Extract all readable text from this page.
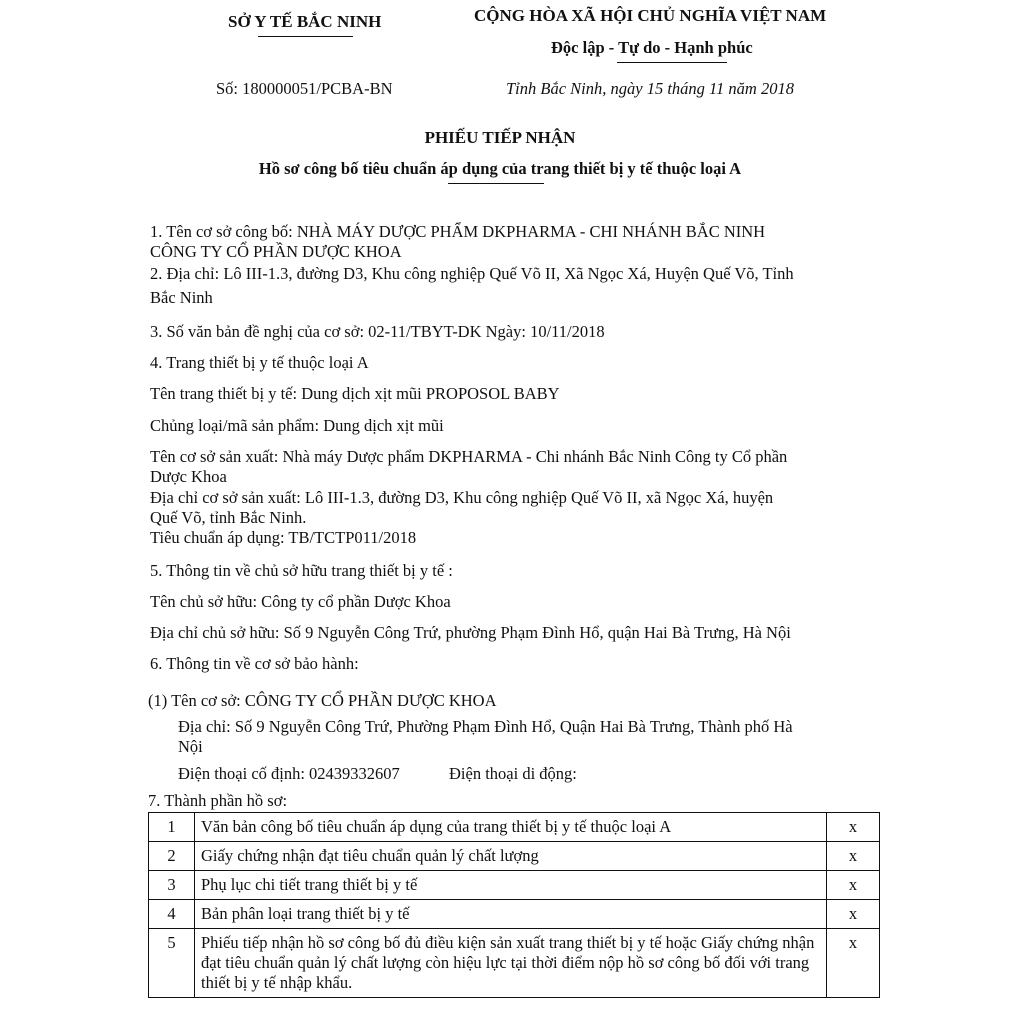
SỞ Y TẾ BẮC NINH	CỘNG HÒA XÃ HỘI CHỦ NGHĨA VIỆT NAM
Độc lập - Tự do - Hạnh phúc
Số: 180000051/PCBA-BN	Tỉnh Bắc Ninh, ngày 15 tháng 11 năm 2018
PHIẾU TIẾP NHẬN
Hồ sơ công bố tiêu chuẩn áp dụng của trang thiết bị y tế thuộc loại A
1. Tên cơ sở công bố: NHÀ MÁY DƯỢC PHẨM DKPHARMA - CHI NHÁNH BẮC NINH
CÔNG TY CỔ PHẦN DƯỢC KHOA
2. Địa chỉ: Lô III-1.3, đường D3, Khu công nghiệp Quế Võ II, Xã Ngọc Xá, Huyện Quế Võ, Tỉnh
Bắc Ninh
3. Số văn bản đề nghị của cơ sở: 02-11/TBYT-DK Ngày: 10/11/2018
4. Trang thiết bị y tế thuộc loại A
Tên trang thiết bị y tế: Dung dịch xịt mũi PROPOSOL BABY
Chủng loại/mã sản phẩm: Dung dịch xịt mũi
Tên cơ sở sản xuất: Nhà máy Dược phẩm DKPHARMA - Chi nhánh Bắc Ninh Công ty Cổ phần
Dược Khoa
Địa chỉ cơ sở sản xuất: Lô III-1.3, đường D3, Khu công nghiệp Quế Võ II, xã Ngọc Xá, huyện
Quế Võ, tỉnh Bắc Ninh.
Tiêu chuẩn áp dụng: TB/TCTP011/2018
5. Thông tin về chủ sở hữu trang thiết bị y tế :
Tên chủ sở hữu: Công ty cổ phần Dược Khoa
Địa chỉ chủ sở hữu: Số 9 Nguyễn Công Trứ, phường Phạm Đình Hổ, quận Hai Bà Trưng, Hà Nội
6. Thông tin về cơ sở bảo hành:
(1) Tên cơ sở: CÔNG TY CỔ PHẦN DƯỢC KHOA
Địa chỉ: Số 9 Nguyễn Công Trứ, Phường Phạm Đình Hổ, Quận Hai Bà Trưng, Thành phố Hà
Nội
Điện thoại cố định: 02439332607	Điện thoại di động:
7. Thành phần hồ sơ:
1	Văn bản công bố tiêu chuẩn áp dụng của trang thiết bị y tế thuộc loại A	x
2	Giấy chứng nhận đạt tiêu chuẩn quản lý chất lượng	x
3	Phụ lục chi tiết trang thiết bị y tế	x
4	Bản phân loại trang thiết bị y tế	x
5	Phiếu tiếp nhận hồ sơ công bố đủ điều kiện sản xuất trang thiết bị y tế hoặc Giấy chứng nhận đạt tiêu chuẩn quản lý chất lượng còn hiệu lực tại thời điểm nộp hồ sơ công bố đối với trang thiết bị y tế nhập khẩu.	x
